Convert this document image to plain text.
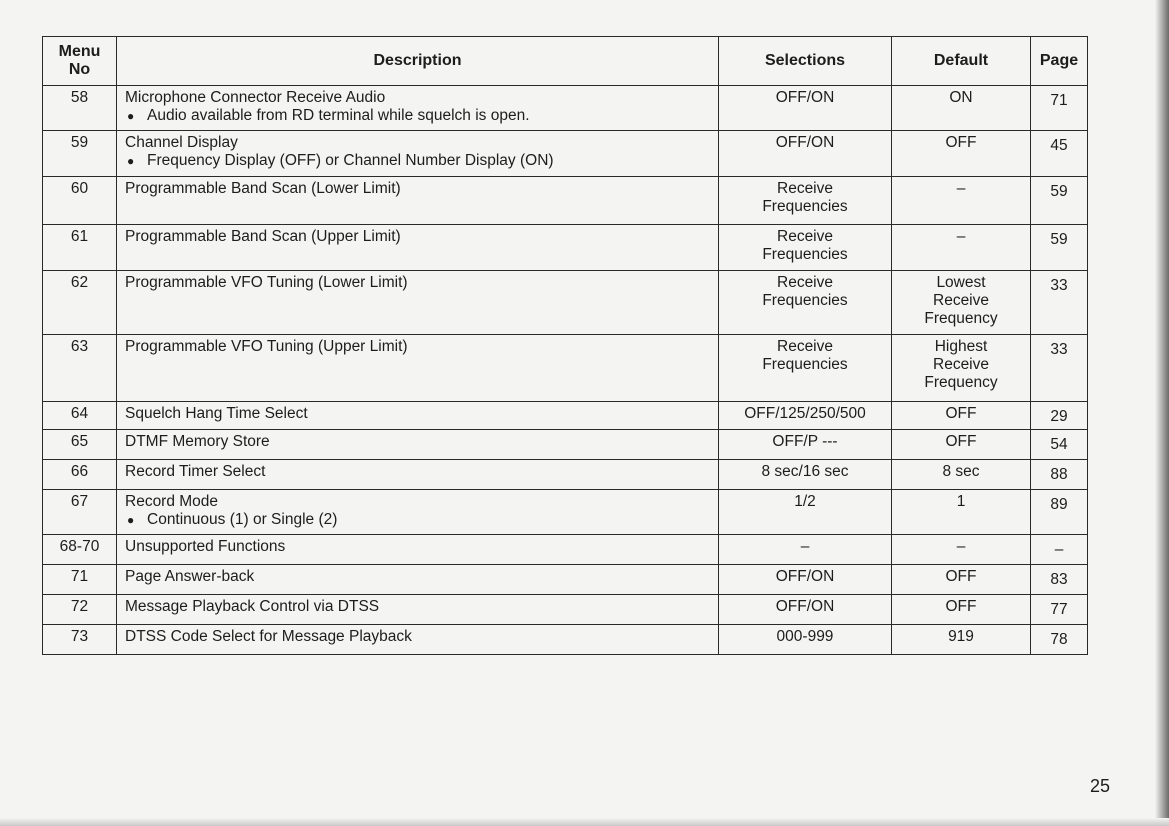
Menu
No	Description	Selections	Default	Page
58	Microphone Connector Receive Audio
● Audio available from RD terminal while squelch is open.	OFF/ON	ON	71
59	Channel Display
● Frequency Display (OFF) or Channel Number Display (ON)	OFF/ON	OFF	45
60	Programmable Band Scan (Lower Limit)	Receive
Frequencies	–	59
61	Programmable Band Scan (Upper Limit)	Receive
Frequencies	–	59
62	Programmable VFO Tuning (Lower Limit)	Receive
Frequencies	Lowest
Receive
Frequency	33
63	Programmable VFO Tuning (Upper Limit)	Receive
Frequencies	Highest
Receive
Frequency	33
64	Squelch Hang Time Select	OFF/125/250/500	OFF	29
65	DTMF Memory Store	OFF/P ---	OFF	54
66	Record Timer Select	8 sec/16 sec	8 sec	88
67	Record Mode
● Continuous (1) or Single (2)	1/2	1	89
68-70	Unsupported Functions	–	–	–
71	Page Answer-back	OFF/ON	OFF	83
72	Message Playback Control via DTSS	OFF/ON	OFF	77
73	DTSS Code Select for Message Playback	000-999	919	78
25
